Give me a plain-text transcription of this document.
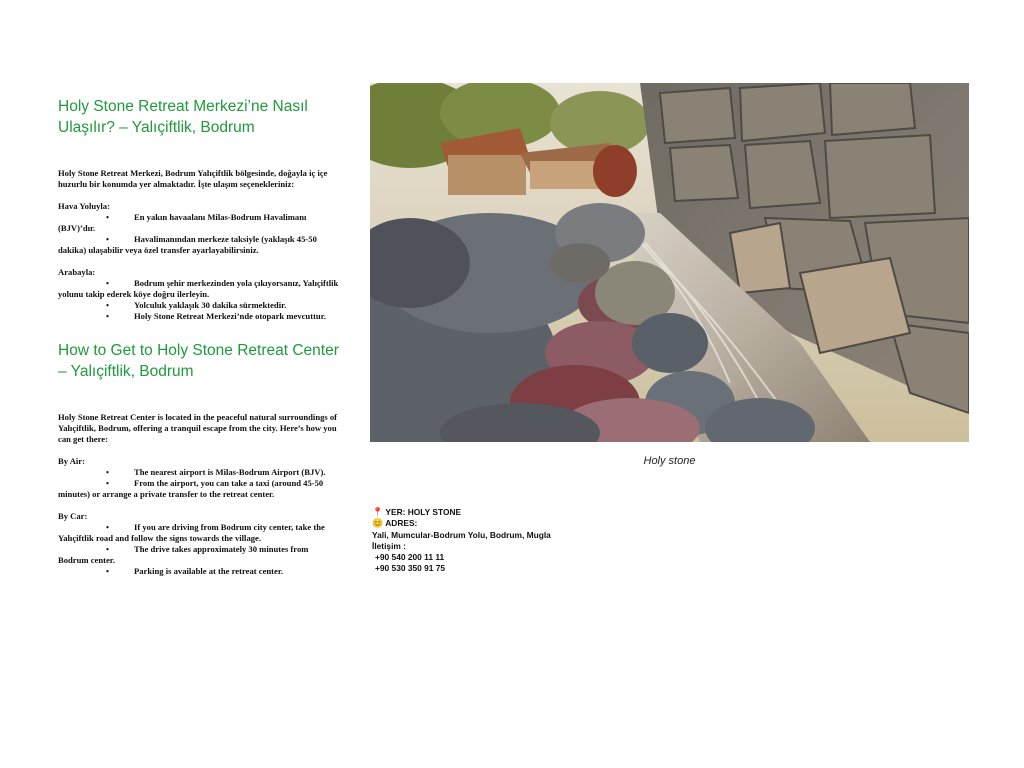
Holy Stone Retreat Merkezi’ne Nasıl Ulaşılır? – Yalıçiftlik, Bodrum

Holy Stone Retreat Merkezi, Bodrum Yalıçiftlik bölgesinde, doğayla iç içe huzurlu bir konumda yer almaktadır. İşte ulaşım seçenekleriniz:

Hava Yoluyla:

•	En yakın havaalanı Milas-Bodrum Havalimanı (BJV)’dır.
•	Havalimanından merkeze taksiyle (yaklaşık 45-50 dakika) ulaşabilir veya özel transfer ayarlayabilirsiniz.

Arabayla:

•	Bodrum şehir merkezinden yola çıkıyorsanız, Yalıçiftlik yolunu takip ederek köye doğru ilerleyin.
•	Yolculuk yaklaşık 30 dakika sürmektedir.
•	Holy Stone Retreat Merkezi’nde otopark mevcuttur.
How to Get to Holy Stone Retreat Center – Yalıçiftlik, Bodrum

Holy Stone Retreat Center is located in the peaceful natural surroundings of Yalıçiftlik, Bodrum, offering a tranquil escape from the city. Here’s how you can get there:

By Air:

•	The nearest airport is Milas-Bodrum Airport (BJV).
•	From the airport, you can take a taxi (around 45-50 minutes) or arrange a private transfer to the retreat center.

By Car:

•	If you are driving from Bodrum city center, take the Yalıçiftlik road and follow the signs towards the village.
•	The drive takes approximately 30 minutes from Bodrum center.
•	Parking is available at the retreat center.
Holy stone
📍 YER: HOLY STONE
😊 ADRES:
Yali, Mumcular-Bodrum Yolu, Bodrum, Mugla
İletişim :
+90 540 200 11 11
+90 530 350 91 75
